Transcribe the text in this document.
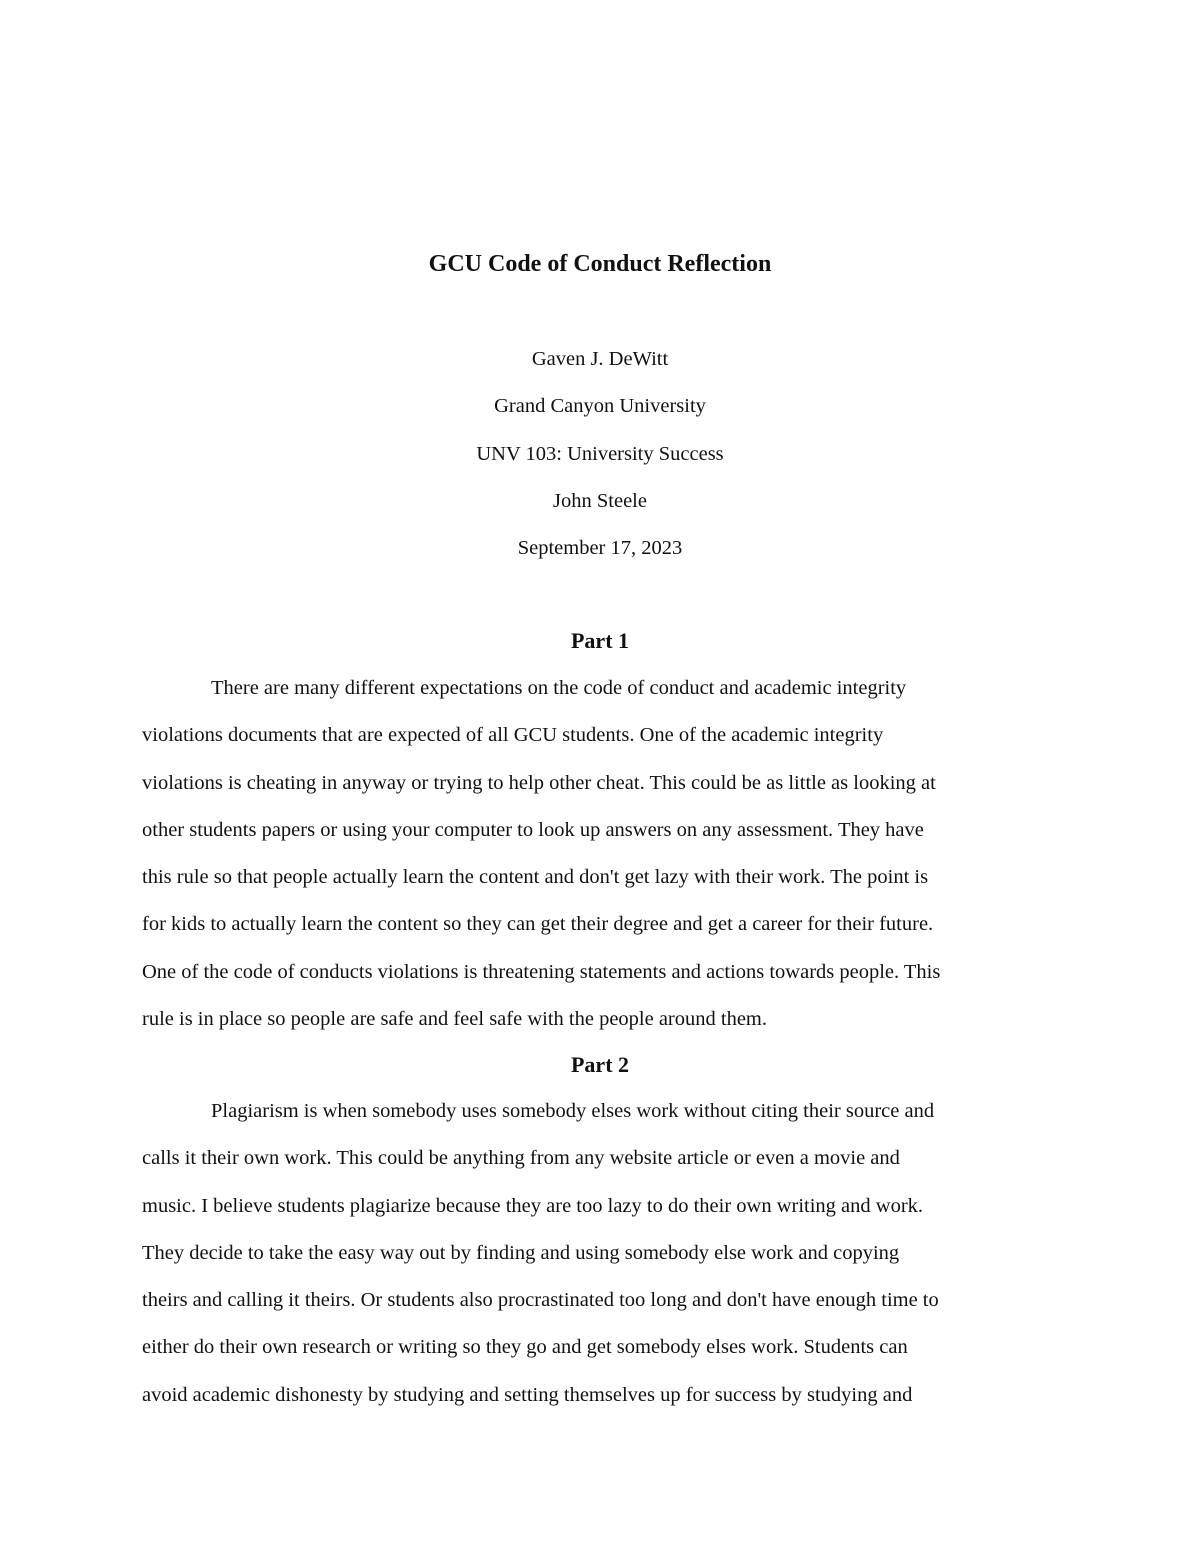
GCU Code of Conduct Reflection
Gaven J. DeWitt
Grand Canyon University
UNV 103: University Success
John Steele
September 17, 2023
Part 1
There are many different expectations on the code of conduct and academic integrity
violations documents that are expected of all GCU students. One of the academic integrity
violations is cheating in anyway or trying to help other cheat. This could be as little as looking at
other students papers or using your computer to look up answers on any assessment. They have
this rule so that people actually learn the content and don't get lazy with their work. The point is
for kids to actually learn the content so they can get their degree and get a career for their future.
One of the code of conducts violations is threatening statements and actions towards people. This
rule is in place so people are safe and feel safe with the people around them.
Part 2
Plagiarism is when somebody uses somebody elses work without citing their source and
calls it their own work. This could be anything from any website article or even a movie and
music. I believe students plagiarize because they are too lazy to do their own writing and work.
They decide to take the easy way out by finding and using somebody else work and copying
theirs and calling it theirs. Or students also procrastinated too long and don't have enough time to
either do their own research or writing so they go and get somebody elses work. Students can
avoid academic dishonesty by studying and setting themselves up for success by studying and
